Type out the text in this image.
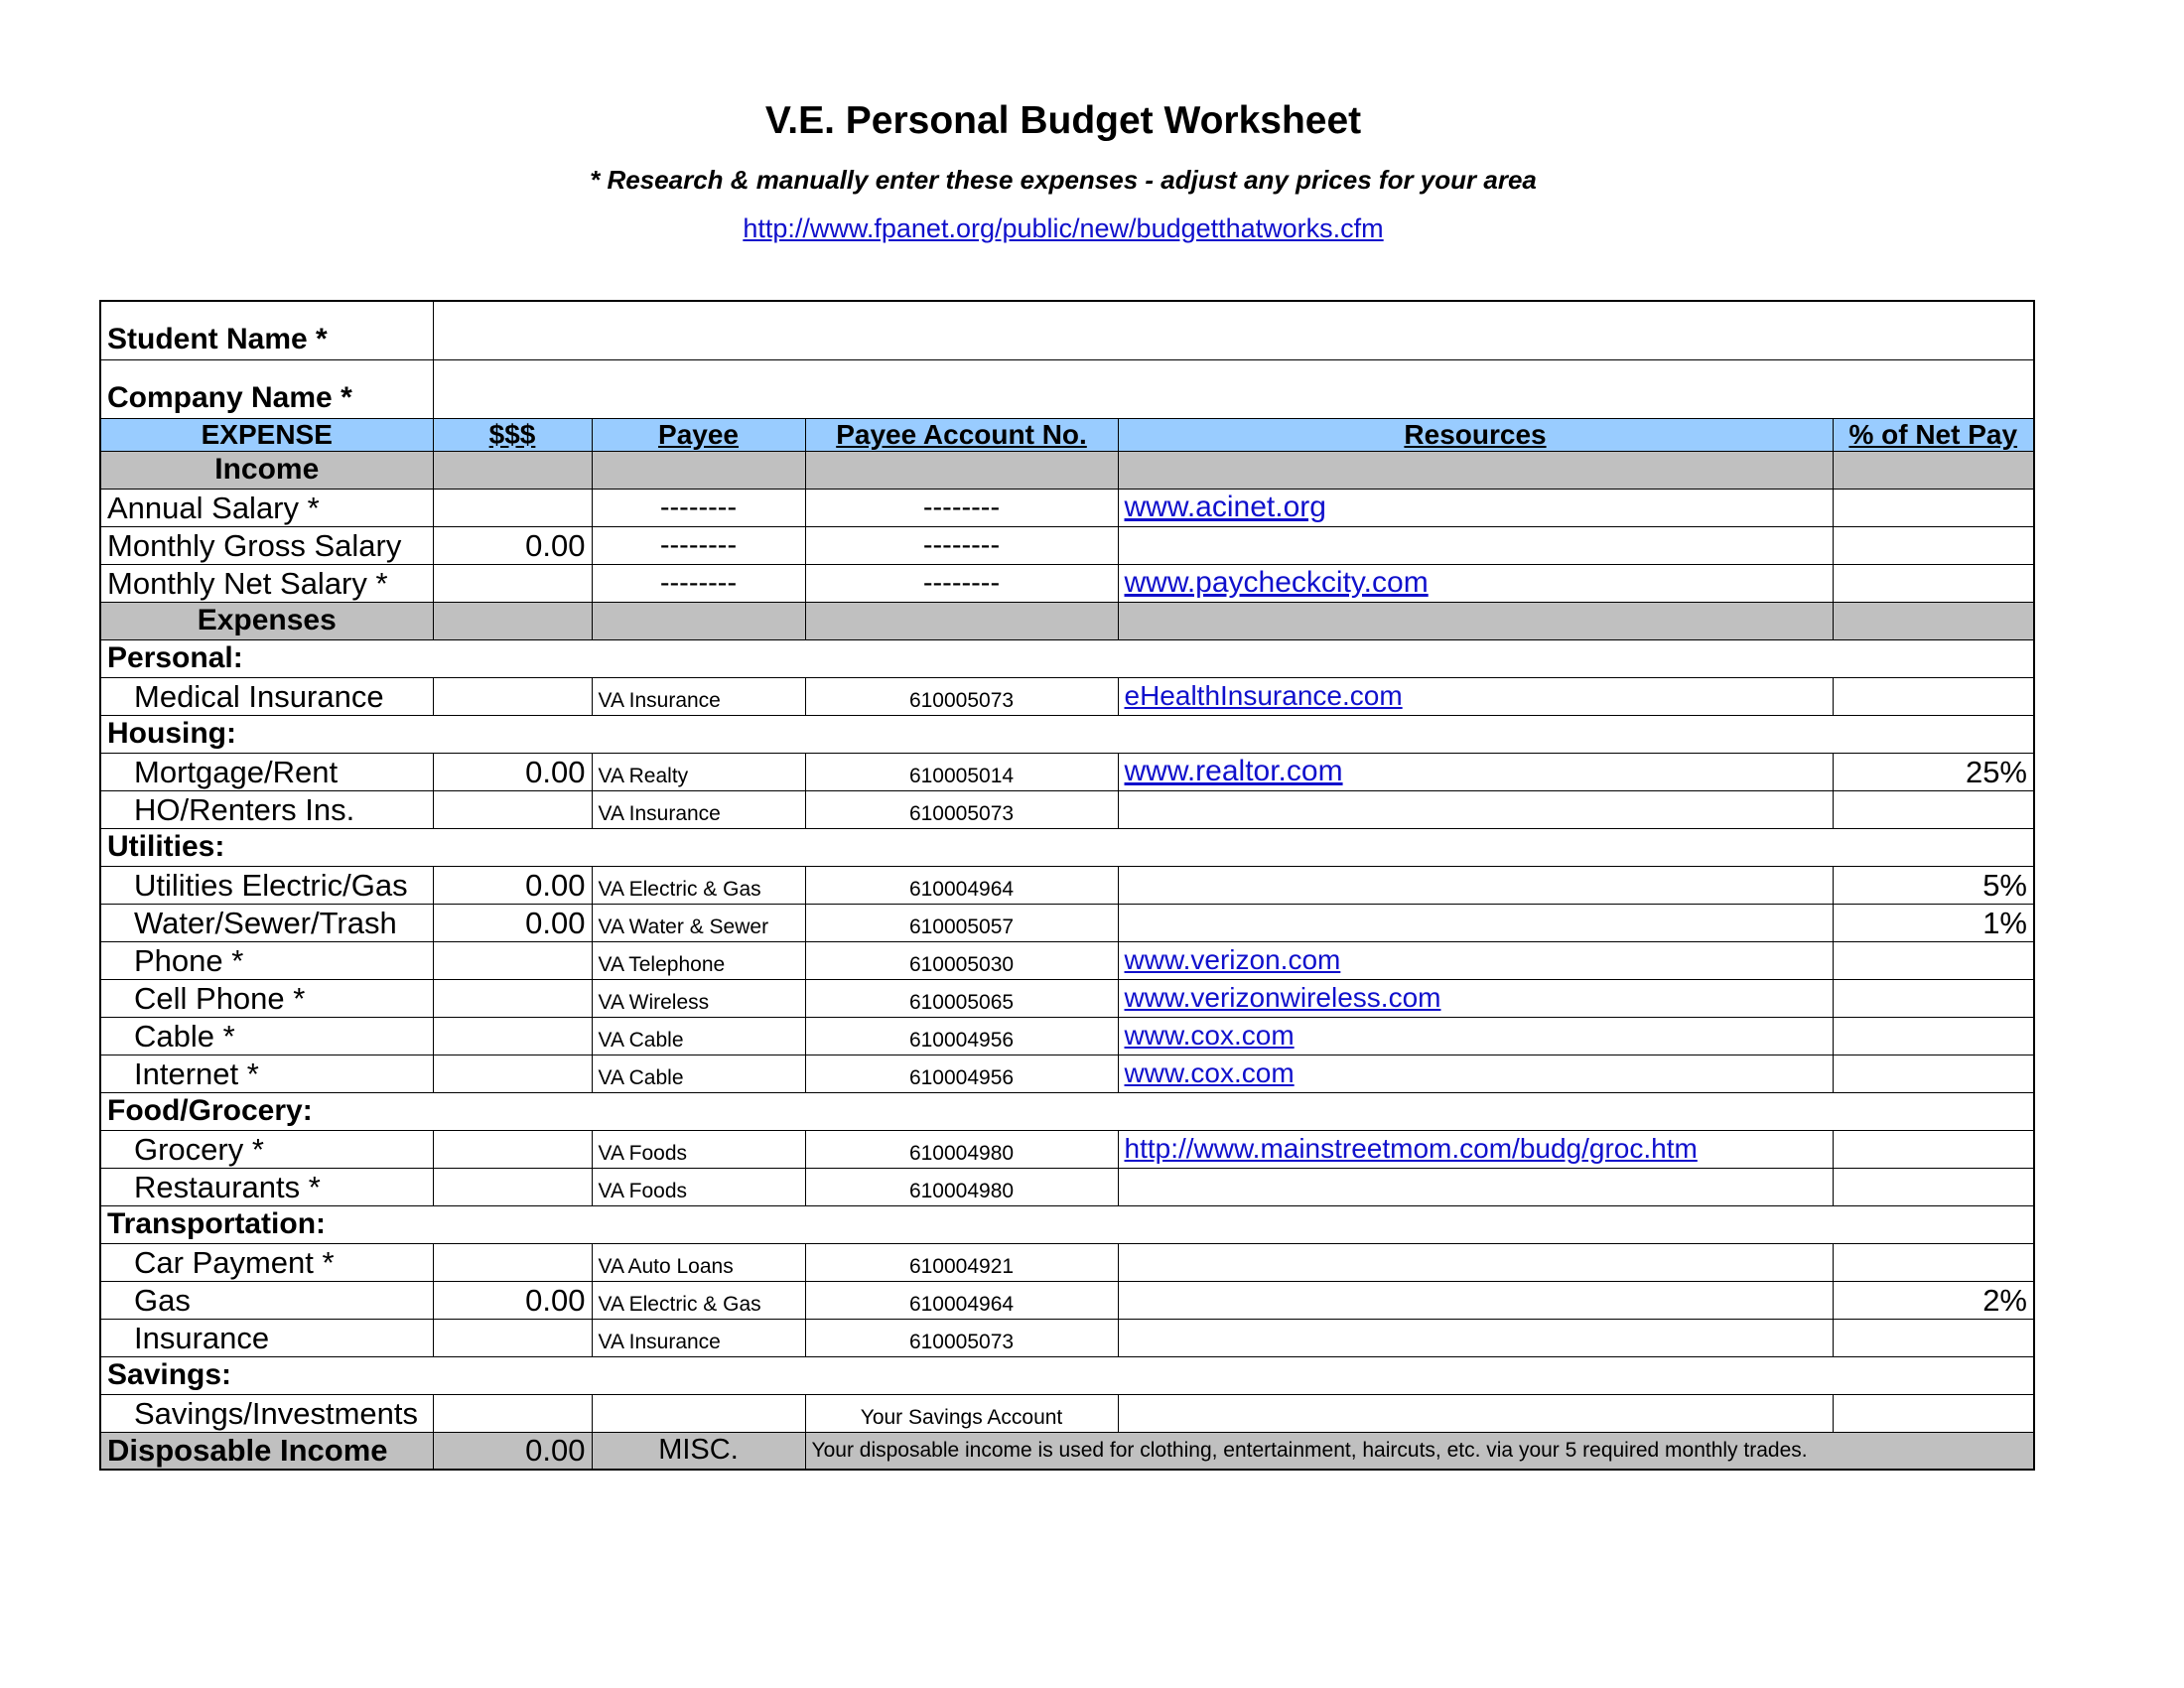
V.E. Personal Budget Worksheet
* Research & manually enter these expenses - adjust any prices for your area
http://www.fpanet.org/public/new/budgetthatworks.cfm
Student Name *					
Company Name *					
EXPENSE	$$$	Payee	Payee Account No.	Resources	% of Net Pay
Income					
Annual Salary *		--------	--------	www.acinet.org	
Monthly Gross Salary	0.00	--------	--------		
Monthly Net Salary *		--------	--------	www.paycheckcity.com	
Expenses					
Personal:					
Medical Insurance		VA Insurance	610005073	eHealthInsurance.com	
Housing:					
Mortgage/Rent	0.00	VA Realty	610005014	www.realtor.com	25%
HO/Renters Ins.		VA Insurance	610005073		
Utilities:					
Utilities Electric/Gas	0.00	VA Electric & Gas	610004964		5%
Water/Sewer/Trash	0.00	VA Water & Sewer	610005057		1%
Phone *		VA Telephone	610005030	www.verizon.com	
Cell Phone *		VA Wireless	610005065	www.verizonwireless.com	
Cable *		VA Cable	610004956	www.cox.com	
Internet *		VA Cable	610004956	www.cox.com	
Food/Grocery:					
Grocery *		VA Foods	610004980	http://www.mainstreetmom.com/budg/groc.htm	
Restaurants *		VA Foods	610004980		
Transportation:					
Car Payment *		VA Auto Loans	610004921		
Gas	0.00	VA Electric & Gas	610004964		2%
Insurance		VA Insurance	610005073		
Savings:					
Savings/Investments			Your Savings Account		
Disposable Income	0.00	MISC.	Your disposable income is used for clothing, entertainment, haircuts, etc. via your 5 required monthly trades.		
